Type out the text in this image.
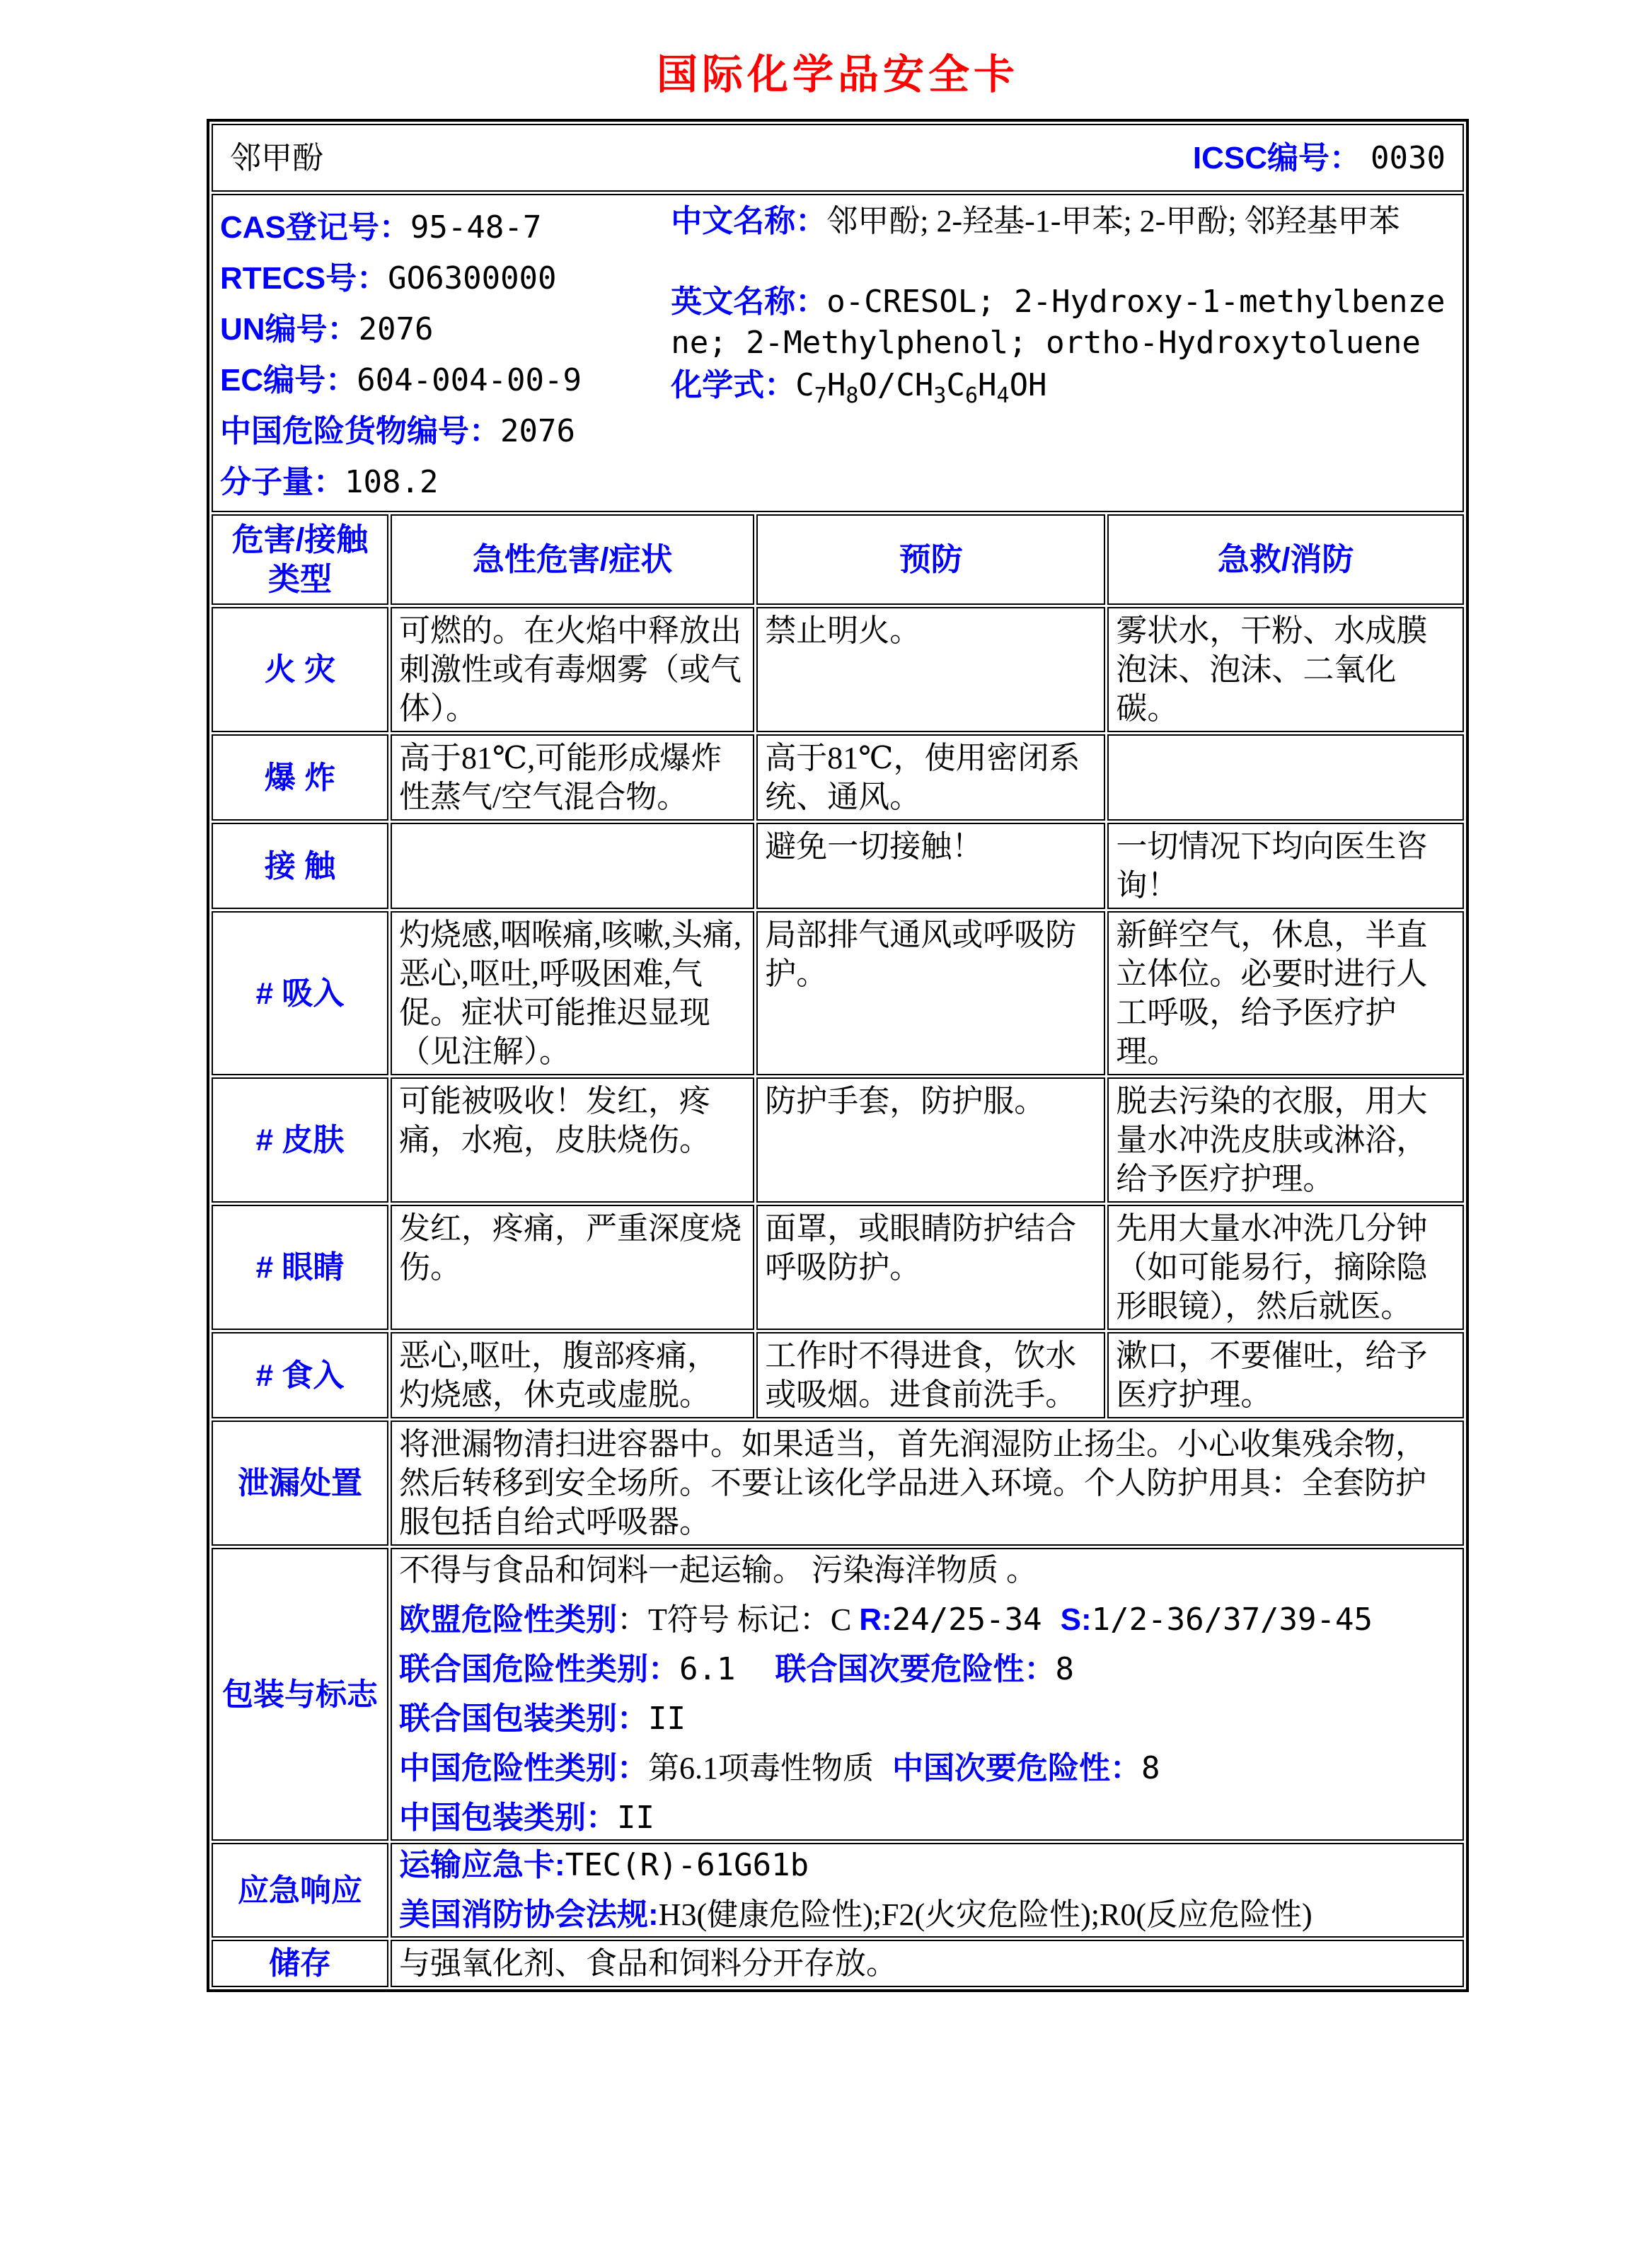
国际化学品安全卡
邻甲酚 ICSC编号： 0030			

CAS登记号：95-48-7
RTECS号：GO6300000
UN编号：2076
EC编号：604-004-00-9
中国危险货物编号：2076
分子量：108.2

中文名称：邻甲酚; 2-羟基-1-甲苯; 2-甲酚; 邻羟基甲苯

英文名称：o-CRESOL; 2-Hydroxy-1-methylbenzene; 2-Methylphenol; ortho-Hydroxytoluene

化学式：$C_7H_8O/CH_3C_6H_4OH$

危害/接触类型	急性危害/症状	预防	急救/消防
火 灾	可燃的。在火焰中释放出刺激性或有毒烟雾（或气体）。	禁止明火。	雾状水，干粉、水成膜泡沫、泡沫、二氧化碳。
爆 炸	高于81℃,可能形成爆炸性蒸气/空气混合物。	高于81℃，使用密闭系统、通风。	
接 触		避免一切接触！	一切情况下均向医生咨询！
# 吸入	灼烧感,咽喉痛,咳嗽,头痛,恶心,呕吐,呼吸困难,气促。症状可能推迟显现（见注解）。	局部排气通风或呼吸防护。	新鲜空气，休息，半直立体位。必要时进行人工呼吸，给予医疗护理。
# 皮肤	可能被吸收！发红，疼痛，水疱，皮肤烧伤。	防护手套，防护服。	脱去污染的衣服，用大量水冲洗皮肤或淋浴，给予医疗护理。
# 眼睛	发红，疼痛，严重深度烧伤。	面罩，或眼睛防护结合呼吸防护。	先用大量水冲洗几分钟（如可能易行，摘除隐形眼镜），然后就医。
# 食入	恶心,呕吐，腹部疼痛，灼烧感，休克或虚脱。	工作时不得进食，饮水或吸烟。进食前洗手。	漱口，不要催吐，给予医疗护理。
泄漏处置	将泄漏物清扫进容器中。如果适当，首先润湿防止扬尘。小心收集残余物，然后转移到安全场所。不要让该化学品进入环境。个人防护用具：全套防护服包括自给式呼吸器。		
包装与标志	

不得与食品和饲料一起运输。 污染海洋物质 。

欧盟危险性类别：T符号 标记：C R:24/25-34 S:1/2-36/37/39-45

联合国危险性类别：6.1 联合国次要危险性：8

联合国包装类别：II

中国危险性类别：第6.1项毒性物质 中国次要危险性：8

中国包装类别：II

应急响应	运输应急卡:TEC(R)-61G61b

美国消防协会法规:H3(健康危险性);F2(火灾危险性);R0(反应危险性)		

储存	与强氧化剂、食品和饲料分开存放。		
